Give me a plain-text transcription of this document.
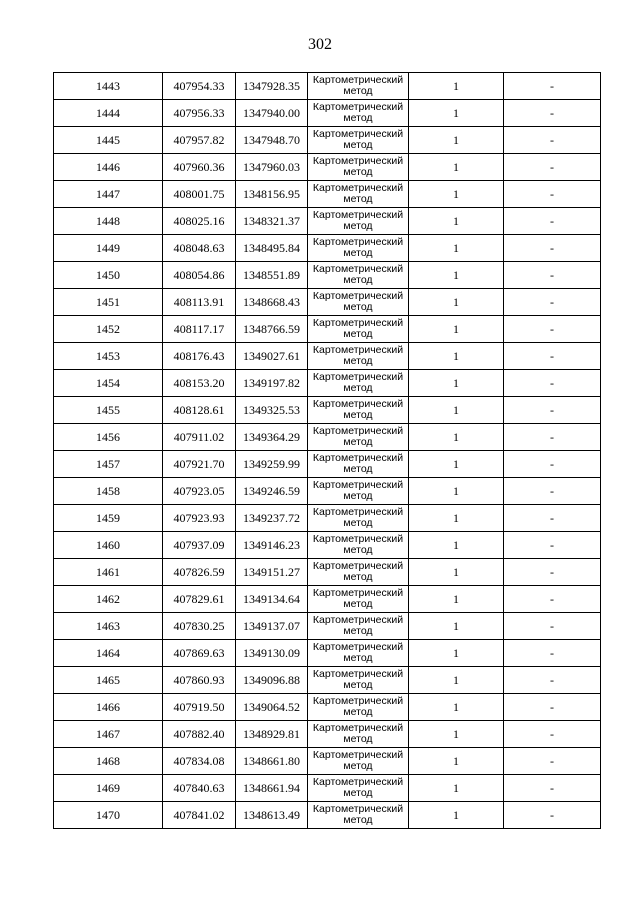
302
1443	407954.33	1347928.35	Картометрический метод	1	-
1444	407956.33	1347940.00	Картометрический метод	1	-
1445	407957.82	1347948.70	Картометрический метод	1	-
1446	407960.36	1347960.03	Картометрический метод	1	-
1447	408001.75	1348156.95	Картометрический метод	1	-
1448	408025.16	1348321.37	Картометрический метод	1	-
1449	408048.63	1348495.84	Картометрический метод	1	-
1450	408054.86	1348551.89	Картометрический метод	1	-
1451	408113.91	1348668.43	Картометрический метод	1	-
1452	408117.17	1348766.59	Картометрический метод	1	-
1453	408176.43	1349027.61	Картометрический метод	1	-
1454	408153.20	1349197.82	Картометрический метод	1	-
1455	408128.61	1349325.53	Картометрический метод	1	-
1456	407911.02	1349364.29	Картометрический метод	1	-
1457	407921.70	1349259.99	Картометрический метод	1	-
1458	407923.05	1349246.59	Картометрический метод	1	-
1459	407923.93	1349237.72	Картометрический метод	1	-
1460	407937.09	1349146.23	Картометрический метод	1	-
1461	407826.59	1349151.27	Картометрический метод	1	-
1462	407829.61	1349134.64	Картометрический метод	1	-
1463	407830.25	1349137.07	Картометрический метод	1	-
1464	407869.63	1349130.09	Картометрический метод	1	-
1465	407860.93	1349096.88	Картометрический метод	1	-
1466	407919.50	1349064.52	Картометрический метод	1	-
1467	407882.40	1348929.81	Картометрический метод	1	-
1468	407834.08	1348661.80	Картометрический метод	1	-
1469	407840.63	1348661.94	Картометрический метод	1	-
1470	407841.02	1348613.49	Картометрический метод	1	-
